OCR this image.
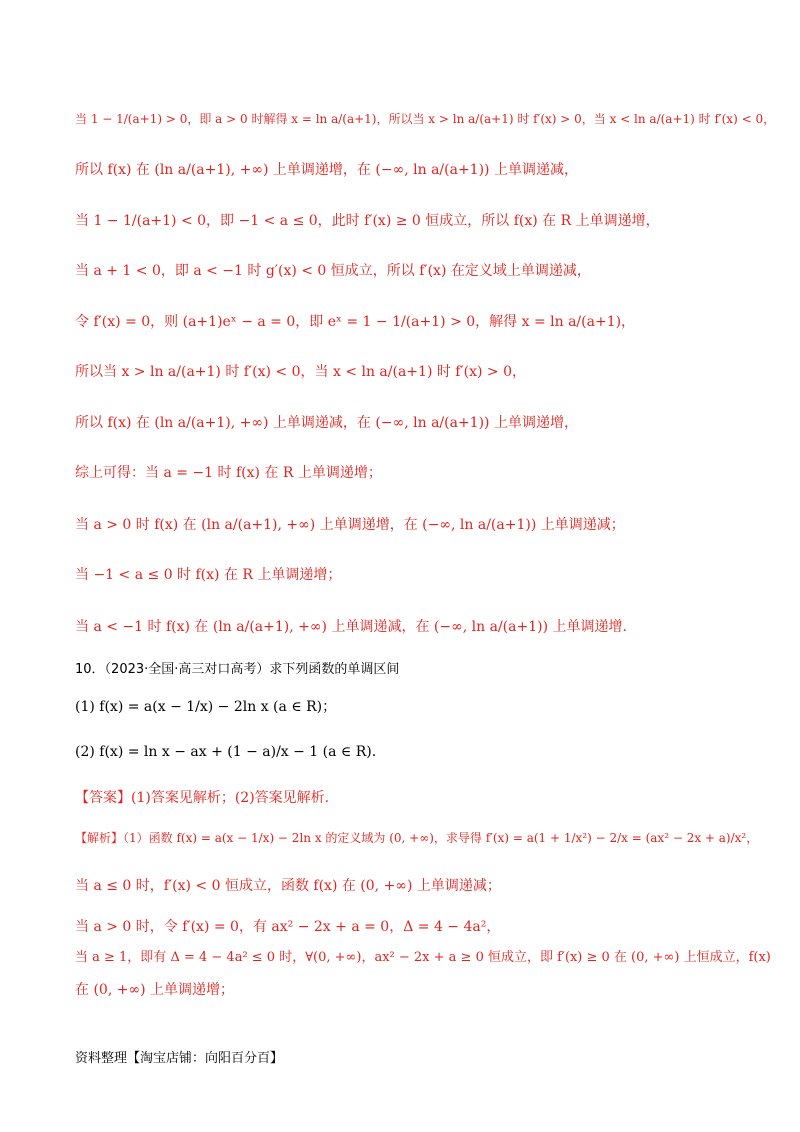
当 1 − 1/(a+1) > 0，即 a > 0 时解得 x = ln a/(a+1)，所以当 x > ln a/(a+1) 时 f′(x) > 0，当 x < ln a/(a+1) 时 f′(x) < 0，
所以 f(x) 在 (ln a/(a+1), +∞) 上单调递增，在 (−∞, ln a/(a+1)) 上单调递减，
当 1 − 1/(a+1) < 0，即 −1 < a ≤ 0，此时 f′(x) ≥ 0 恒成立，所以 f(x) 在 R 上单调递增，
当 a + 1 < 0，即 a < −1 时 g′(x) < 0 恒成立，所以 f′(x) 在定义域上单调递减，
令 f′(x) = 0，则 (a+1)eˣ − a = 0，即 eˣ = 1 − 1/(a+1) > 0，解得 x = ln a/(a+1)，
所以当 x > ln a/(a+1) 时 f′(x) < 0，当 x < ln a/(a+1) 时 f′(x) > 0，
所以 f(x) 在 (ln a/(a+1), +∞) 上单调递减，在 (−∞, ln a/(a+1)) 上单调递增，
综上可得：当 a = −1 时 f(x) 在 R 上单调递增；
当 a > 0 时 f(x) 在 (ln a/(a+1), +∞) 上单调递增，在 (−∞, ln a/(a+1)) 上单调递减；
当 −1 < a ≤ 0 时 f(x) 在 R 上单调递增；
当 a < −1 时 f(x) 在 (ln a/(a+1), +∞) 上单调递减，在 (−∞, ln a/(a+1)) 上单调递增.
10．（2023·全国·高三对口高考）求下列函数的单调区间
(1) f(x) = a(x − 1/x) − 2ln x (a ∈ R)；
(2) f(x) = ln x − ax + (1 − a)/x − 1 (a ∈ R).
【答案】(1)答案见解析；(2)答案见解析.
【解析】（1）函数 f(x) = a(x − 1/x) − 2ln x 的定义域为 (0, +∞)，求导得 f′(x) = a(1 + 1/x²) − 2/x = (ax² − 2x + a)/x²，
当 a ≤ 0 时，f′(x) < 0 恒成立，函数 f(x) 在 (0, +∞) 上单调递减；
当 a > 0 时，令 f′(x) = 0，有 ax² − 2x + a = 0，Δ = 4 − 4a²，
当 a ≥ 1，即有 Δ = 4 − 4a² ≤ 0 时，∀(0, +∞)，ax² − 2x + a ≥ 0 恒成立，即 f′(x) ≥ 0 在 (0, +∞) 上恒成立，f(x)
在 (0, +∞) 上单调递增；
资料整理【淘宝店铺：向阳百分百】
